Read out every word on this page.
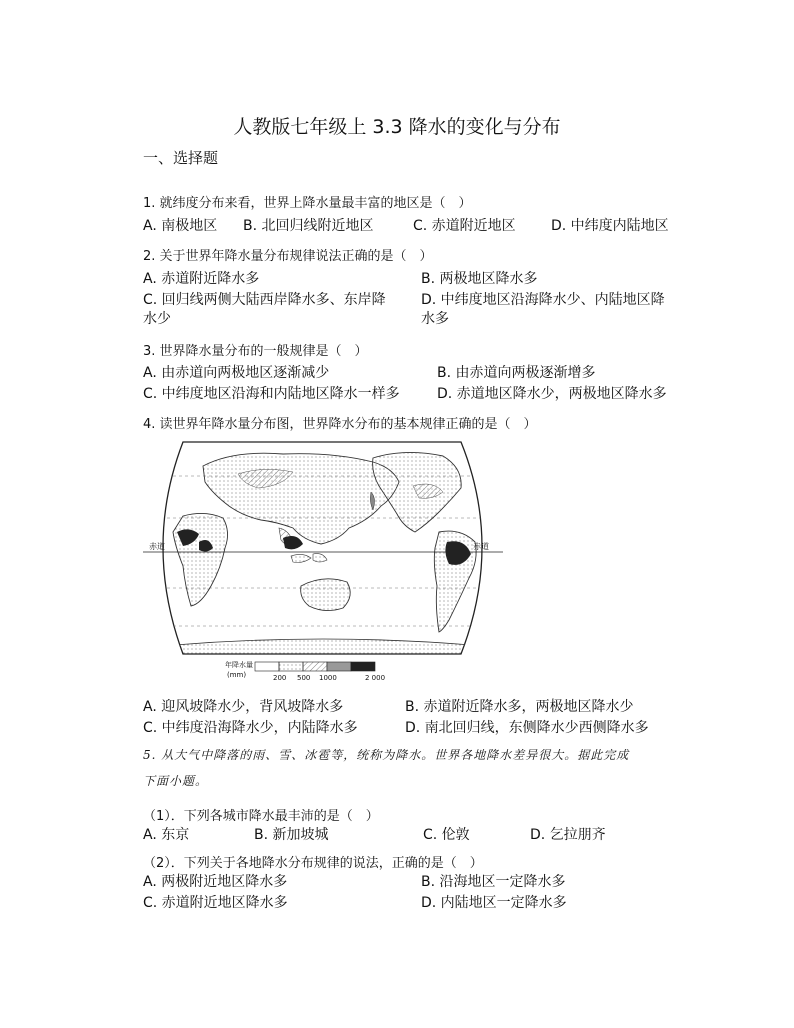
人教版七年级上 3.3 降水的变化与分布
一、选择题
1. 就纬度分布来看，世界上降水量最丰富的地区是（　）
A. 南极地区 B. 北回归线附近地区	C. 赤道附近地区	D. 中纬度内陆地区
2. 关于世界年降水量分布规律说法正确的是（　）
A. 赤道附近降水多	B. 两极地区降水多
C. 回归线两侧大陆西岸降水多、东岸降
水少
D. 中纬度地区沿海降水少、内陆地区降
水多
3. 世界降水量分布的一般规律是（　）
A. 由赤道向两极地区逐渐减少	B. 由赤道向两极逐渐增多
C. 中纬度地区沿海和内陆地区降水一样多	D. 赤道地区降水少，两极地区降水多
4. 读世界年降水量分布图，世界降水分布的基本规律正确的是（　）
赤道	赤道
年降水量
(mm)	200 500 1000	2 000
A. 迎风坡降水少，背风坡降水多	B. 赤道附近降水多，两极地区降水少
C. 中纬度沿海降水少，内陆降水多	D. 南北回归线，东侧降水少西侧降水多
5. 从大气中降落的雨、雪、冰雹等，统称为降水。世界各地降水差异很大。据此完成
下面小题。
（1）．下列各城市降水最丰沛的是（　）
A. 东京	B. 新加坡城	C. 伦敦	D. 乞拉朋齐
（2）．下列关于各地降水分布规律的说法，正确的是（　）
A. 两极附近地区降水多	B. 沿海地区一定降水多
C. 赤道附近地区降水多	D. 内陆地区一定降水多
